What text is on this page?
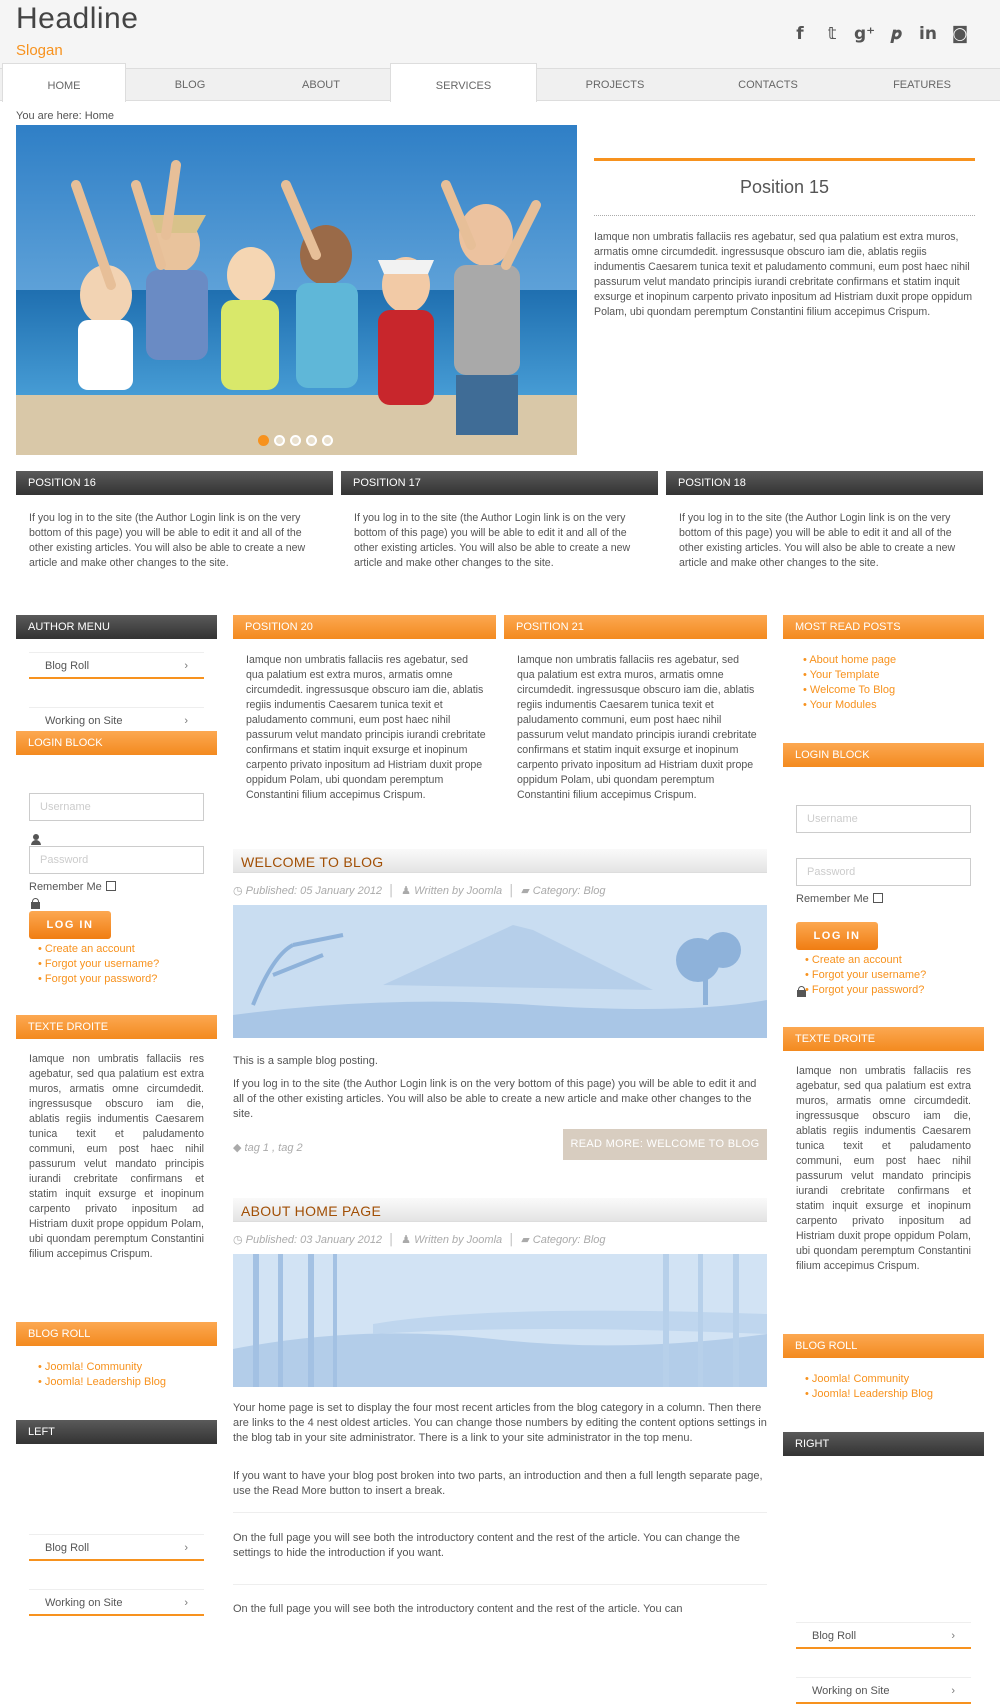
Headline
Slogan
f	𝕥	g⁺ 𝒑 in ◙
HOME	BLOG	ABOUT	SERVICES	PROJECTS	CONTACTS	FEATURES
You are here: Home
Position 15
Iamque non umbratis fallaciis res agebatur, sed qua palatium est extra muros, armatis omne circumdedit. ingressusque obscuro iam die, ablatis regiis indumentis Caesarem tunica texit et paludamento communi, eum post haec nihil passurum velut mandato principis iurandi crebritate confirmans et statim inquit exsurge et inopinum carpento privato inpositum ad Histriam duxit prope oppidum Polam, ubi quondam peremptum Constantini filium accepimus Crispum.
POSITION 16
If you log in to the site (the Author Login link is on the very bottom of this page) you will be able to edit it and all of the other existing articles. You will also be able to create a new article and make other changes to the site.
POSITION 17
If you log in to the site (the Author Login link is on the very bottom of this page) you will be able to edit it and all of the other existing articles. You will also be able to create a new article and make other changes to the site.
POSITION 18
If you log in to the site (the Author Login link is on the very bottom of this page) you will be able to edit it and all of the other existing articles. You will also be able to create a new article and make other changes to the site.
AUTHOR MENU
Blog Roll	›
Working on Site	›
LOGIN BLOCK
Username
Password
Remember Me
LOG IN
• Create an account
• Forgot your username?
• Forgot your password?
TEXTE DROITE
Iamque non umbratis fallaciis res agebatur, sed qua palatium est extra muros, armatis omne circumdedit. ingressusque obscuro iam die, ablatis regiis indumentis Caesarem tunica texit et paludamento communi, eum post haec nihil passurum velut mandato principis iurandi crebritate confirmans et statim inquit exsurge et inopinum carpento privato inpositum ad Histriam duxit prope oppidum Polam, ubi quondam peremptum Constantini filium accepimus Crispum.
BLOG ROLL
• Joomla! Community
• Joomla! Leadership Blog
LEFT
Blog Roll	›
Working on Site	›
POSITION 20
Iamque non umbratis fallaciis res agebatur, sed qua palatium est extra muros, armatis omne circumdedit. ingressusque obscuro iam die, ablatis regiis indumentis Caesarem tunica texit et paludamento communi, eum post haec nihil passurum velut mandato principis iurandi crebritate confirmans et statim inquit exsurge et inopinum carpento privato inpositum ad Histriam duxit prope oppidum Polam, ubi quondam peremptum Constantini filium accepimus Crispum.
POSITION 21
Iamque non umbratis fallaciis res agebatur, sed qua palatium est extra muros, armatis omne circumdedit. ingressusque obscuro iam die, ablatis regiis indumentis Caesarem tunica texit et paludamento communi, eum post haec nihil passurum velut mandato principis iurandi crebritate confirmans et statim inquit exsurge et inopinum carpento privato inpositum ad Histriam duxit prope oppidum Polam, ubi quondam peremptum Constantini filium accepimus Crispum.
WELCOME TO BLOG
◷ Published: 05 January 2012  │  ♟ Written by Joomla  │  ▰ Category: Blog
This is a sample blog posting.
If you log in to the site (the Author Login link is on the very bottom of this page) you will be able to edit it and all of the other existing articles. You will also be able to create a new article and make other changes to the site.
◆ tag 1 , tag 2	READ MORE: WELCOME TO BLOG
ABOUT HOME PAGE
◷ Published: 03 January 2012  │  ♟ Written by Joomla  │  ▰ Category: Blog
Your home page is set to display the four most recent articles from the blog category in a column. Then there are links to the 4 nest oldest articles. You can change those numbers by editing the content options settings in the blog tab in your site administrator. There is a link to your site administrator in the top menu.
If you want to have your blog post broken into two parts, an introduction and then a full length separate page, use the Read More button to insert a break.
On the full page you will see both the introductory content and the rest of the article. You can change the settings to hide the introduction if you want.
On the full page you will see both the introductory content and the rest of the article. You can
MOST READ POSTS
• About home page
• Your Template
• Welcome To Blog
• Your Modules
LOGIN BLOCK
Username
Password
Remember Me
LOG IN
• Create an account
• Forgot your username?
• Forgot your password?
TEXTE DROITE
Iamque non umbratis fallaciis res agebatur, sed qua palatium est extra muros, armatis omne circumdedit. ingressusque obscuro iam die, ablatis regiis indumentis Caesarem tunica texit et paludamento communi, eum post haec nihil passurum velut mandato principis iurandi crebritate confirmans et statim inquit exsurge et inopinum carpento privato inpositum ad Histriam duxit prope oppidum Polam, ubi quondam peremptum Constantini filium accepimus Crispum.
BLOG ROLL
• Joomla! Community
• Joomla! Leadership Blog
RIGHT
Blog Roll	›
Working on Site	›
